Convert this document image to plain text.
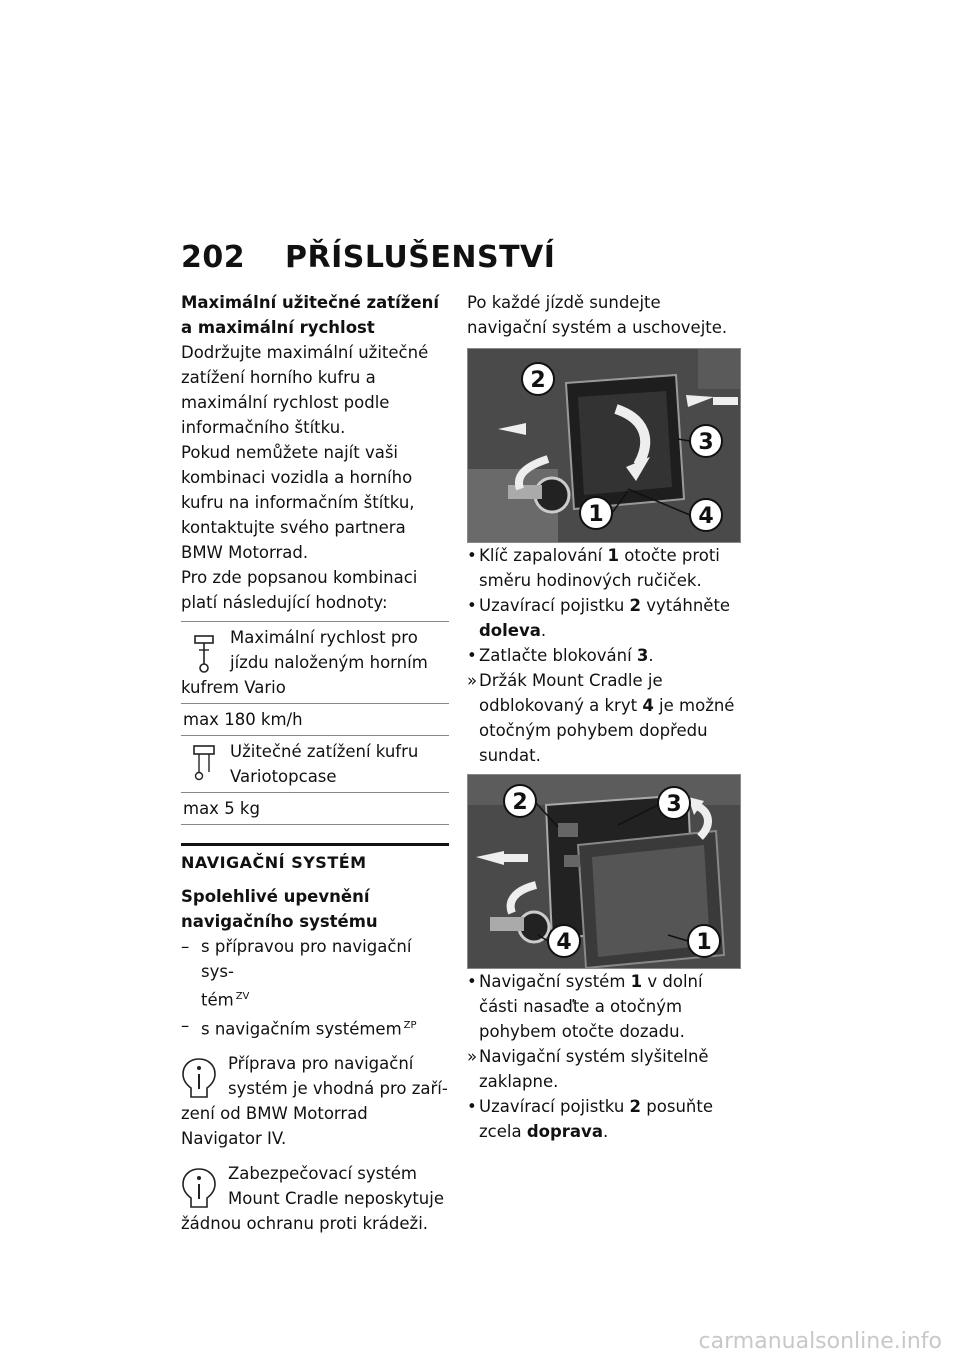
202 PŘÍSLUŠENSTVÍ
Maximální užitečné zatížení
a maximální rychlost
Dodržujte maximální užitečné zatížení horního kufru a maximální rychlost podle informačního štítku.
Pokud nemůžete najít vaši kombinaci vozidla a horního kufru na informačním štítku, kontaktujte svého partnera BMW Motorrad.
Pro zde popsanou kombinaci platí následující hodnoty:
Maximální rychlost pro
jízdu naloženým horním
kufrem Vario
max 180 km/h
Užitečné zatížení kufru
Variotopcase
max 5 kg
NAVIGAČNÍ SYSTÉM
Spolehlivé upevnění
navigačního systému
– s přípravou pro navigační sys-
tém $^{ZV}$
– s navigačním systémem $^{ZP}$
Příprava pro navigační
systém je vhodná pro zaří-
zení od BMW Motorrad Navigator IV.
Zabezpečovací systém
Mount Cradle neposkytuje
žádnou ochranu proti krádeži.
Po každé jízdě sundejte navigační systém a uschovejte.
2
3
1	4
• Klíč zapalování 1 otočte proti směru hodinových ručiček.
• Uzavírací pojistku 2 vytáhněte doleva.
• Zatlačte blokování 3.
» Držák Mount Cradle je odblokovaný a kryt 4 je možné otočným pohybem dopředu sundat.
2	3
4	1
• Navigační systém 1 v dolní části nasaďte a otočným pohybem otočte dozadu.
» Navigační systém slyšitelně zaklapne.
• Uzavírací pojistku 2 posuňte zcela doprava.
carmanualsonline.info
